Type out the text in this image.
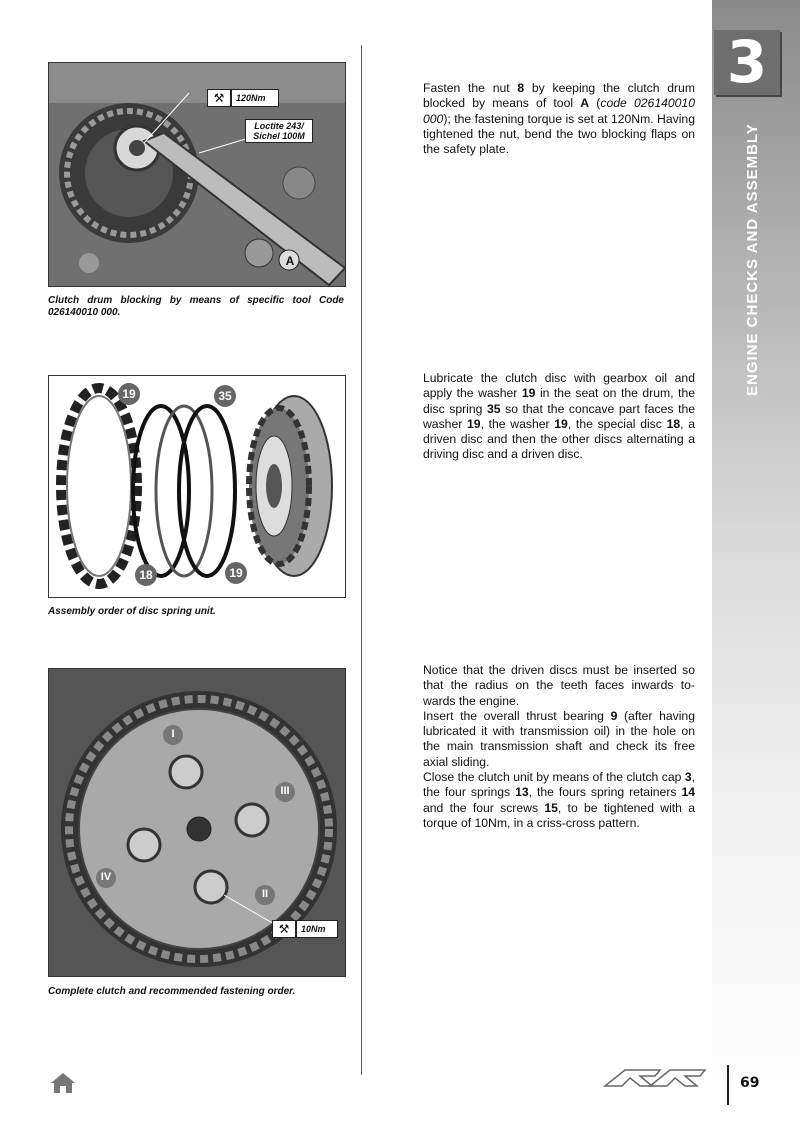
3
ENGINE CHECKS AND ASSEMBLY
⚒	120Nm
Loctite 243/ Sichel 100M
A
Clutch drum blocking by means of specific tool Code 026140010 000.
19	35
18	19
Assembly order of disc spring unit.
I
III
II
IV
⚒	10Nm
Complete clutch and recommended fastening order.
Fasten the nut 8 by keeping the clutch drum blocked by means of tool A (code 026140010 000); the fastening torque is set at 120Nm. Having tightened the nut, bend the two blocking flaps on the safety plate.
Lubricate the clutch disc with gearbox oil and apply the washer 19 in the seat on the drum, the disc spring 35 so that the concave part faces the washer 19, the washer 19, the special disc 18, a driven disc and then the other discs alternating a driving disc and a driven disc.
Notice that the driven discs must be inserted so that the radius on the teeth faces inwards to-wards the engine.
Insert the overall thrust bearing 9 (after having lubricated it with transmission oil) in the hole on the main transmission shaft and check its free axial sliding.
Close the clutch unit by means of the clutch cap 3, the four springs 13, the fours spring retainers 14 and the four screws 15, to be tightened with a torque of 10Nm, in a criss-cross pattern.
69
